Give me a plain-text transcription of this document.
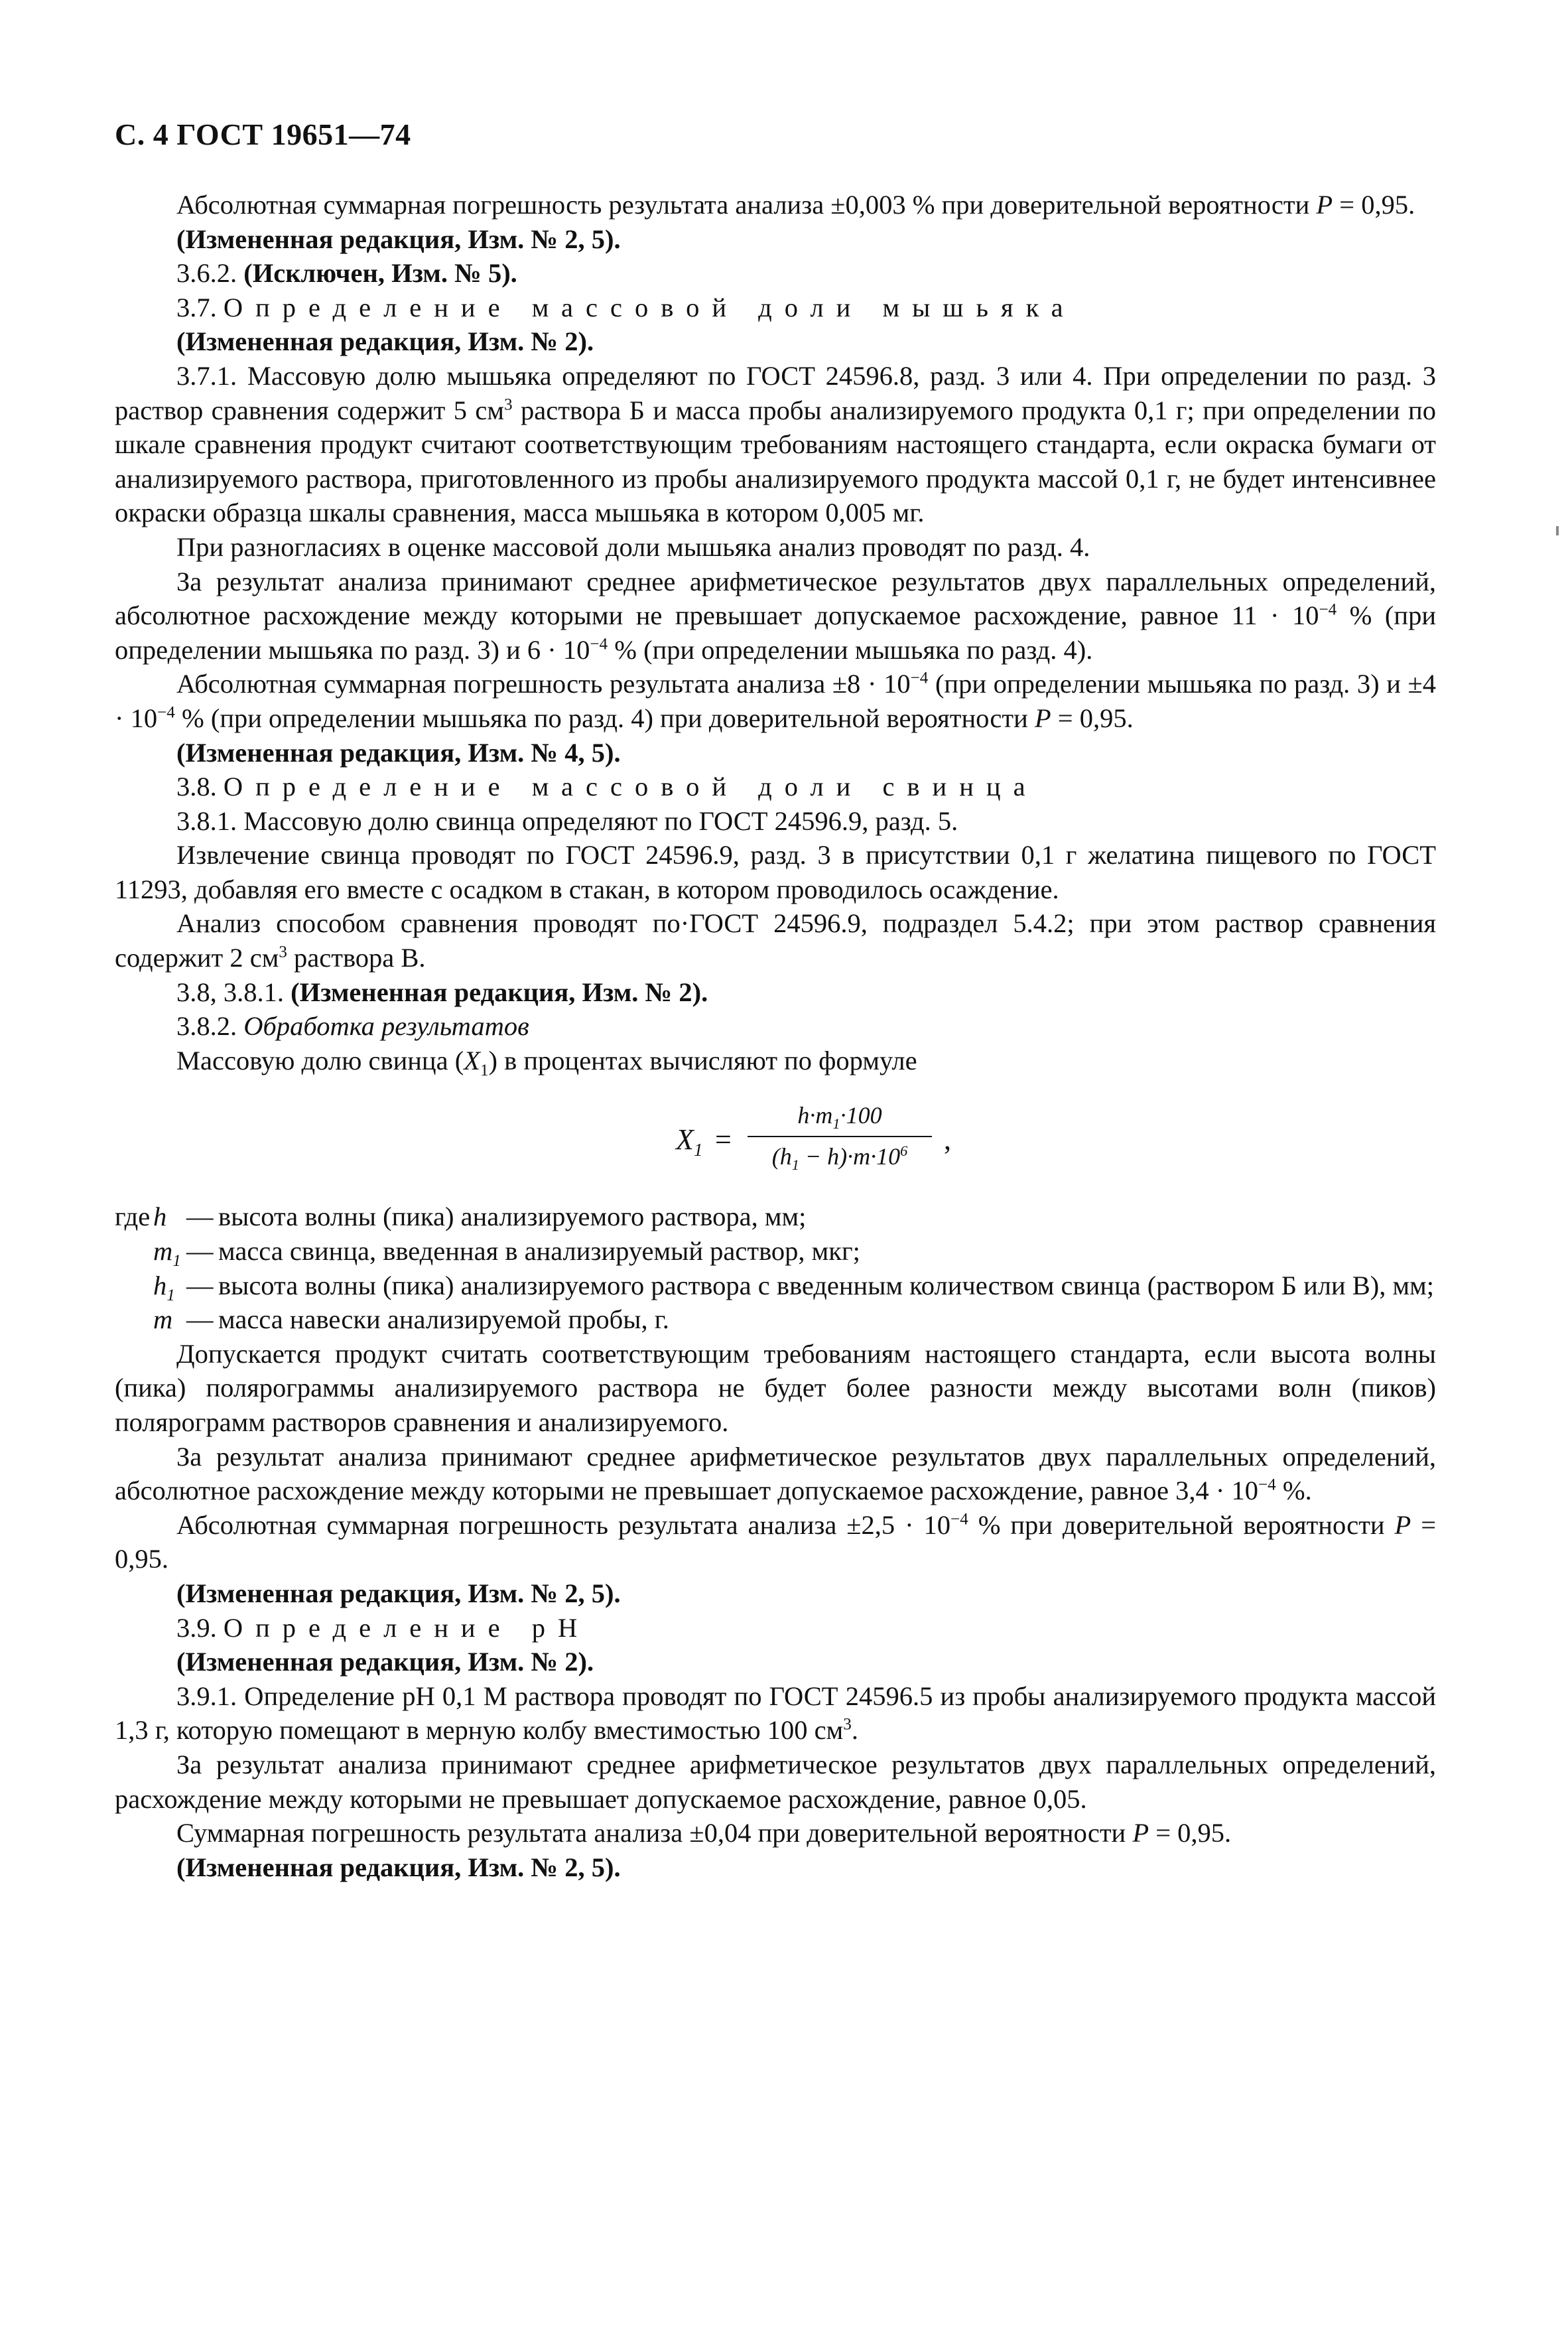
С. 4 ГОСТ 19651—74

Абсолютная суммарная погрешность результата анализа ±0,003 % при доверительной вероятности P = 0,95.

(Измененная редакция, Изм. № 2, 5).

3.6.2. (Исключен, Изм. № 5).

3.7. Определение массовой доли мышьяка

(Измененная редакция, Изм. № 2).

3.7.1. Массовую долю мышьяка определяют по ГОСТ 24596.8, разд. 3 или 4. При определении по разд. 3 раствор сравнения содержит 5 $см^3$ раствора Б и масса пробы анализируемого продукта 0,1 г; при определении по шкале сравнения продукт считают соответствующим требованиям настоящего стандарта, если окраска бумаги от анализируемого раствора, приготовленного из пробы анализируемого продукта массой 0,1 г, не будет интенсивнее окраски образца шкалы сравнения, масса мышьяка в котором 0,005 мг.

При разногласиях в оценке массовой доли мышьяка анализ проводят по разд. 4.

За результат анализа принимают среднее арифметическое результатов двух параллельных определений, абсолютное расхождение между которыми не превышает допускаемое расхождение, равное $11 \cdot 10^{-4}$ % (при определении мышьяка по разд. 3) и $6 \cdot 10^{-4}$ % (при определении мышьяка по разд. 4).

Абсолютная суммарная погрешность результата анализа $\pm 8 \cdot 10^{-4}$ (при определении мышьяка по разд. 3) $и \pm 4 \cdot 10^{-4}$ % (при определении мышьяка по разд. 4) при доверительной вероятности P = 0,95.

(Измененная редакция, Изм. № 4, 5).

3.8. Определение массовой доли свинца

3.8.1. Массовую долю свинца определяют по ГОСТ 24596.9, разд. 5.

Извлечение свинца проводят по ГОСТ 24596.9, разд. 3 в присутствии 0,1 г желатина пищевого по ГОСТ 11293, добавляя его вместе с осадком в стакан, в котором проводилось осаждение.

Анализ способом сравнения проводят по·ГОСТ 24596.9, подраздел 5.4.2; при этом раствор сравнения содержит 2 $см^3$ раствора В.

3.8, 3.8.1. (Измененная редакция, Изм. № 2).

3.8.2. Обработка результатов

Массовую долю свинца $(X_1)$ в процентах вычисляют по формуле

$X_1$ =
$h\cdot m_1\cdot 100$
$(h_1 - h)\cdot m\cdot 10^6$	,
где h — высота волны (пика) анализируемого раствора, мм;
$m_1$ — масса свинца, введенная в анализируемый раствор, мкг;
$h_1$ — высота волны (пика) анализируемого раствора с введенным количеством свинца (раствором Б или В), мм;
m — масса навески анализируемой пробы, г.

Допускается продукт считать соответствующим требованиям настоящего стандарта, если высота волны (пика) полярограммы анализируемого раствора не будет более разности между высотами волн (пиков) полярограмм растворов сравнения и анализируемого.

За результат анализа принимают среднее арифметическое результатов двух параллельных определений, абсолютное расхождение между которыми не превышает допускаемое расхождение, равное $3,4 \cdot 10^{-4}$ %.

Абсолютная суммарная погрешность результата анализа $\pm 2,5 \cdot 10^{-4}$ % при доверительной вероятности P = 0,95.

(Измененная редакция, Изм. № 2, 5).

3.9. Определение рН

(Измененная редакция, Изм. № 2).

3.9.1. Определение рН 0,1 М раствора проводят по ГОСТ 24596.5 из пробы анализируемого продукта массой 1,3 г, которую помещают в мерную колбу вместимостью 100 $см^3$.

За результат анализа принимают среднее арифметическое результатов двух параллельных определений, расхождение между которыми не превышает допускаемое расхождение, равное 0,05.

Суммарная погрешность результата анализа ±0,04 при доверительной вероятности P = 0,95.

(Измененная редакция, Изм. № 2, 5).
